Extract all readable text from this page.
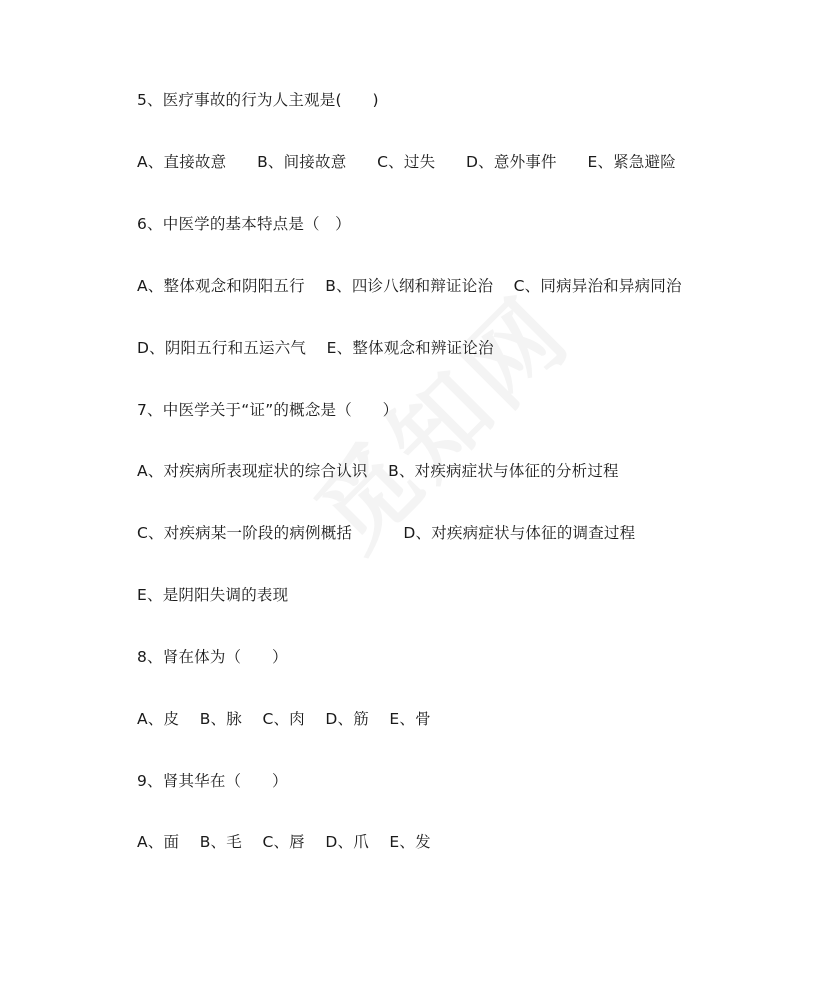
5、医疗事故的行为人主观是(      )
A、直接故意      B、间接故意      C、过失      D、意外事件      E、紧急避险
6、中医学的基本特点是（   ）
A、整体观念和阴阳五行    B、四诊八纲和辩证论治    C、同病异治和异病同治
D、阴阳五行和五运六气    E、整体观念和辨证论治
7、中医学关于“证”的概念是（      ）
A、对疾病所表现症状的综合认识    B、对疾病症状与体征的分析过程
C、对疾病某一阶段的病例概括          D、对疾病症状与体征的调查过程
E、是阴阳失调的表现
8、肾在体为（      ）
A、皮    B、脉    C、肉    D、筋    E、骨
9、肾其华在（      ）
A、面    B、毛    C、唇    D、爪    E、发
